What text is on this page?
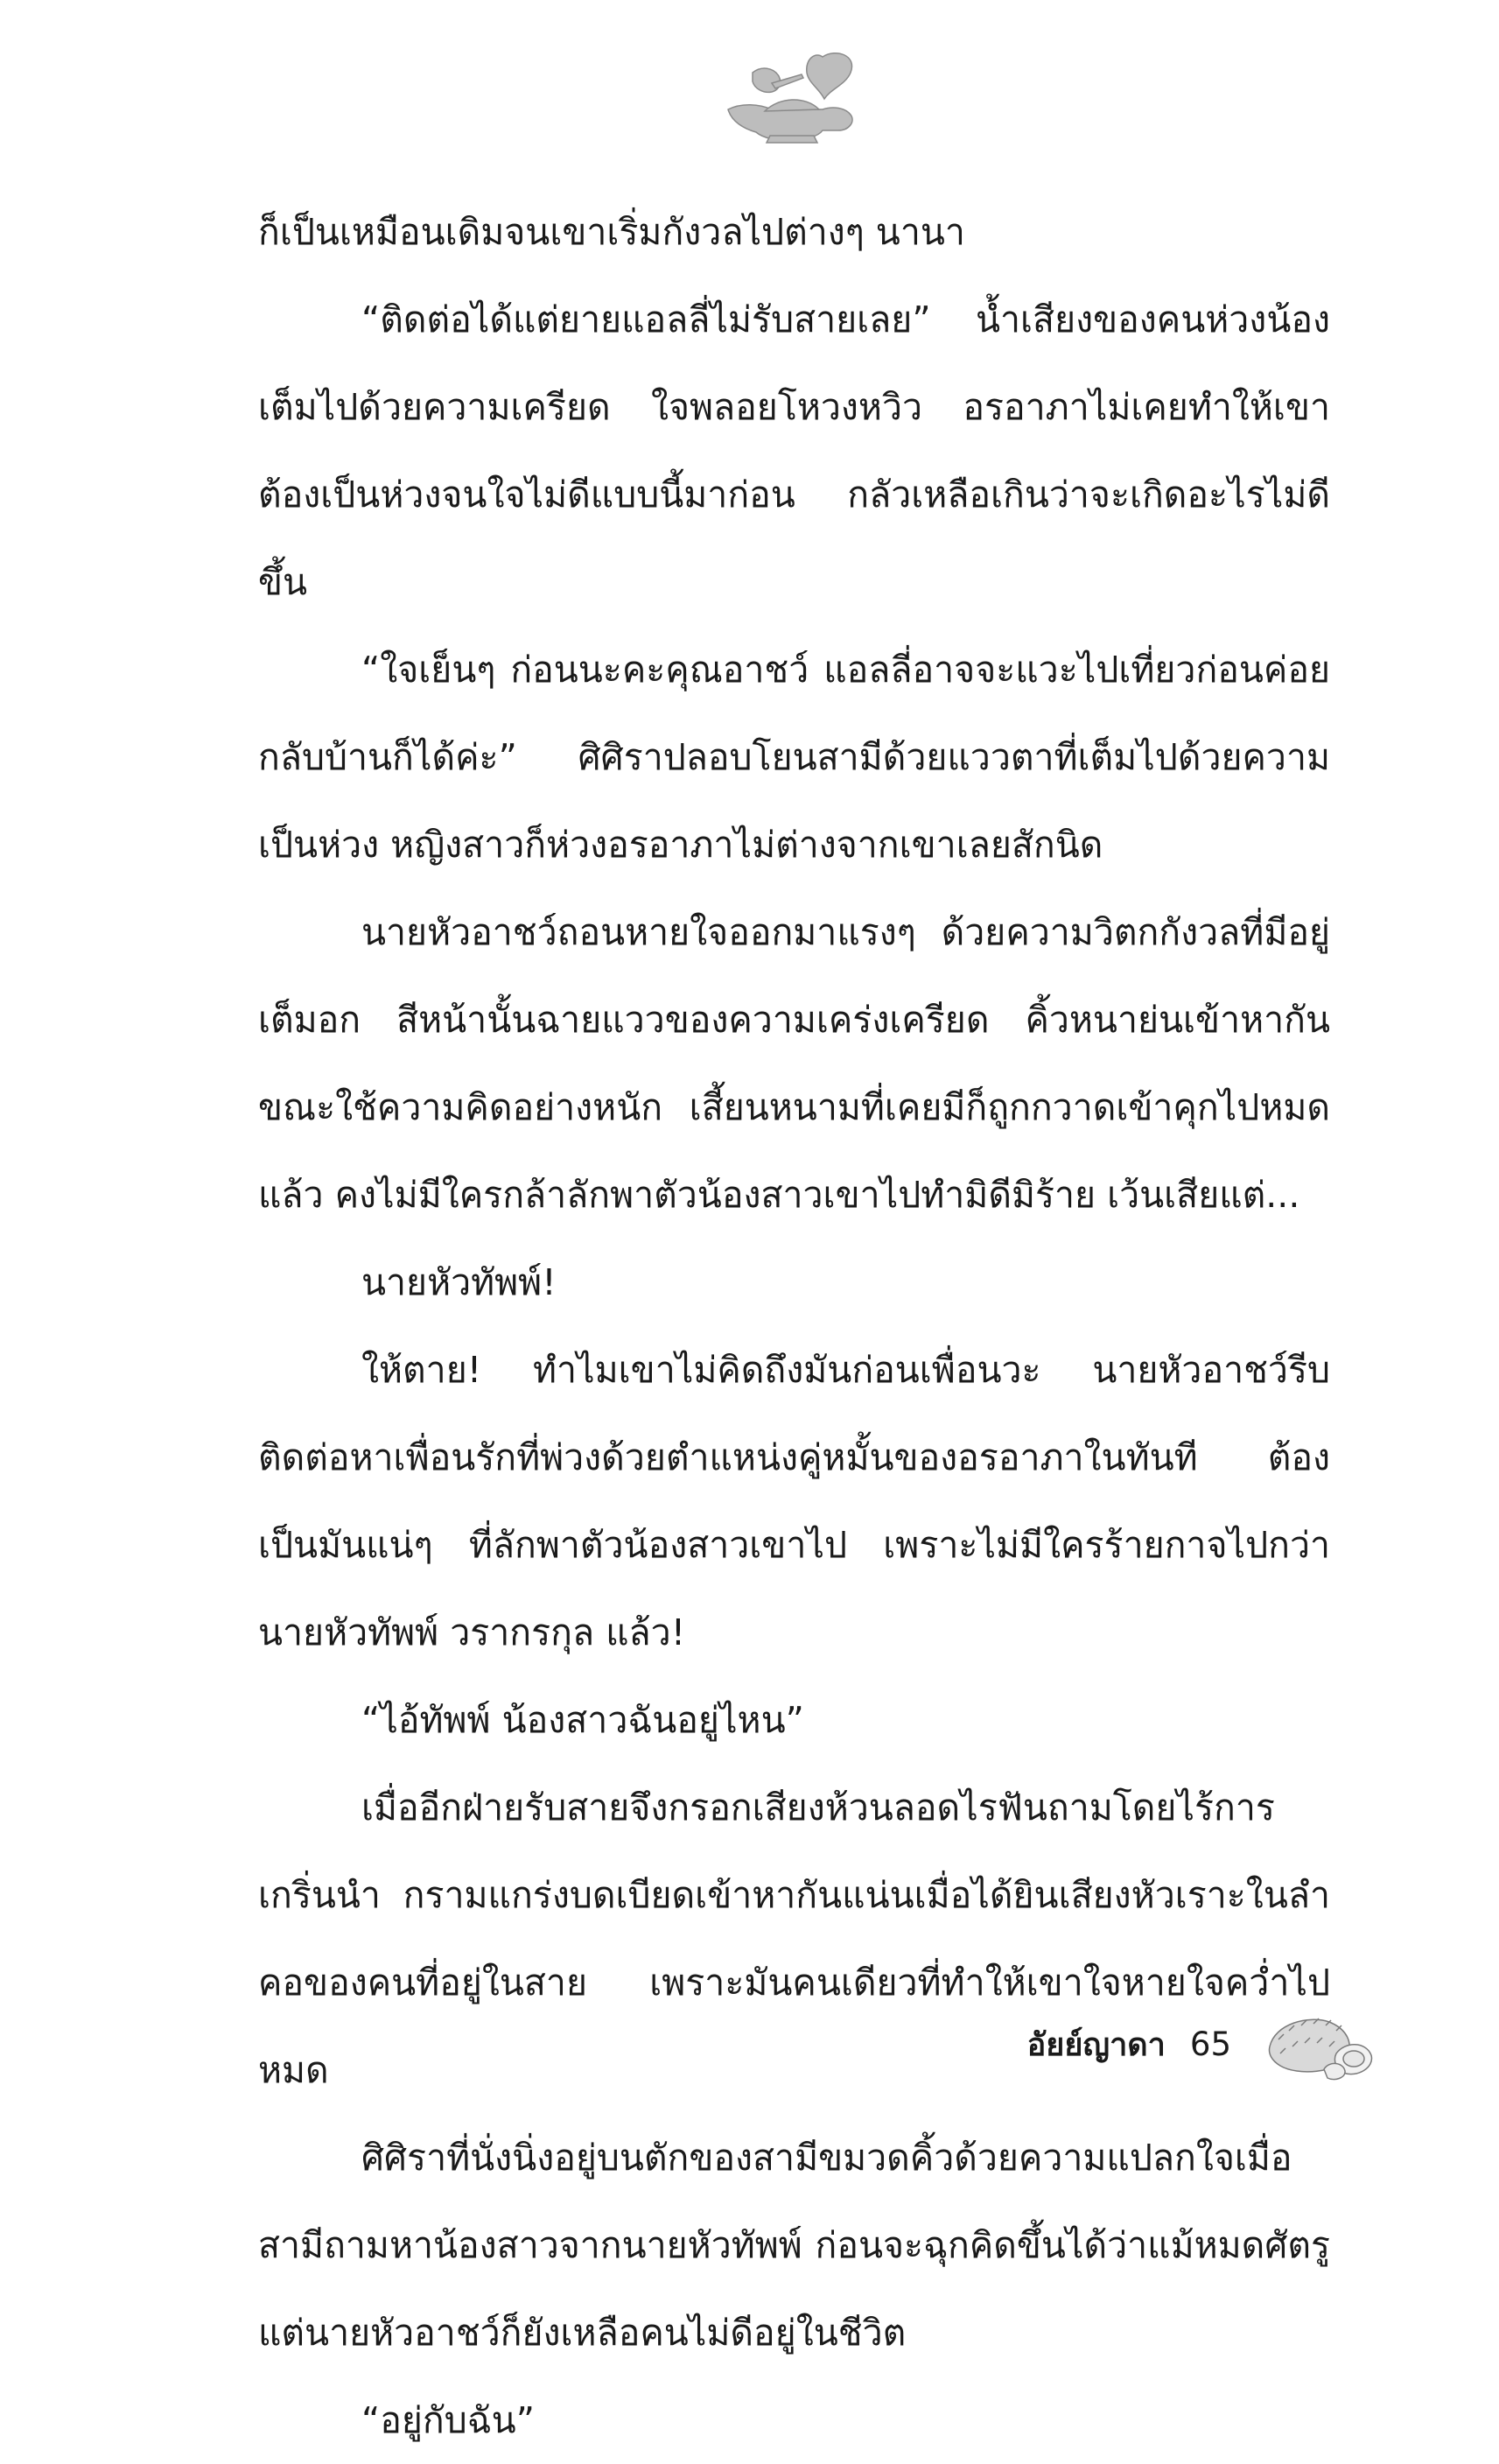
ก็เป็นเหมือนเดิมจนเขาเริ่มกังวลไปต่างๆ นานา

“ติดต่อได้แต่ยายแอลลี่ไม่รับสายเลย” น้ำเสียงของคนห่วงน้องเต็มไปด้วยความเครียด ใจพลอยโหวงหวิว อรอาภาไม่เคยทำให้เขาต้องเป็นห่วงจนใจไม่ดีแบบนี้มาก่อน กลัวเหลือเกินว่าจะเกิดอะไรไม่ดีขึ้น

“ใจเย็นๆ ก่อนนะคะคุณอาชว์ แอลลี่อาจจะแวะไปเที่ยวก่อนค่อยกลับบ้านก็ได้ค่ะ” ศิศิราปลอบโยนสามีด้วยแววตาที่เต็มไปด้วยความเป็นห่วง หญิงสาวก็ห่วงอรอาภาไม่ต่างจากเขาเลยสักนิด

นายหัวอาชว์ถอนหายใจออกมาแรงๆ ด้วยความวิตกกังวลที่มีอยู่เต็มอก สีหน้านั้นฉายแววของความเคร่งเครียด คิ้วหนาย่นเข้าหากันขณะใช้ความคิดอย่างหนัก เสี้ยนหนามที่เคยมีก็ถูกกวาดเข้าคุกไปหมดแล้ว คงไม่มีใครกล้าลักพาตัวน้องสาวเขาไปทำมิดีมิร้าย เว้นเสียแต่...

นายหัวทัพพ์!

ให้ตาย! ทำไมเขาไม่คิดถึงมันก่อนเพื่อนวะ นายหัวอาชว์รีบติดต่อหาเพื่อนรักที่พ่วงด้วยตำแหน่งคู่หมั้นของอรอาภาในทันที ต้องเป็นมันแน่ๆ ที่ลักพาตัวน้องสาวเขาไป เพราะไม่มีใครร้ายกาจไปกว่านายหัวทัพพ์ วรากรกุล แล้ว!

“ไอ้ทัพพ์ น้องสาวฉันอยู่ไหน”

เมื่ออีกฝ่ายรับสายจึงกรอกเสียงห้วนลอดไรฟันถามโดยไร้การเกริ่นนำ กรามแกร่งบดเบียดเข้าหากันแน่นเมื่อได้ยินเสียงหัวเราะในลำคอของคนที่อยู่ในสาย เพราะมันคนเดียวที่ทำให้เขาใจหายใจคว่ำไปหมด

ศิศิราที่นั่งนิ่งอยู่บนตักของสามีขมวดคิ้วด้วยความแปลกใจเมื่อสามีถามหาน้องสาวจากนายหัวทัพพ์ ก่อนจะฉุกคิดขึ้นได้ว่าแม้หมดศัตรูแต่นายหัวอาชว์ก็ยังเหลือคนไม่ดีอยู่ในชีวิต

“อยู่กับฉัน”

อัยย์ญาดา 65
